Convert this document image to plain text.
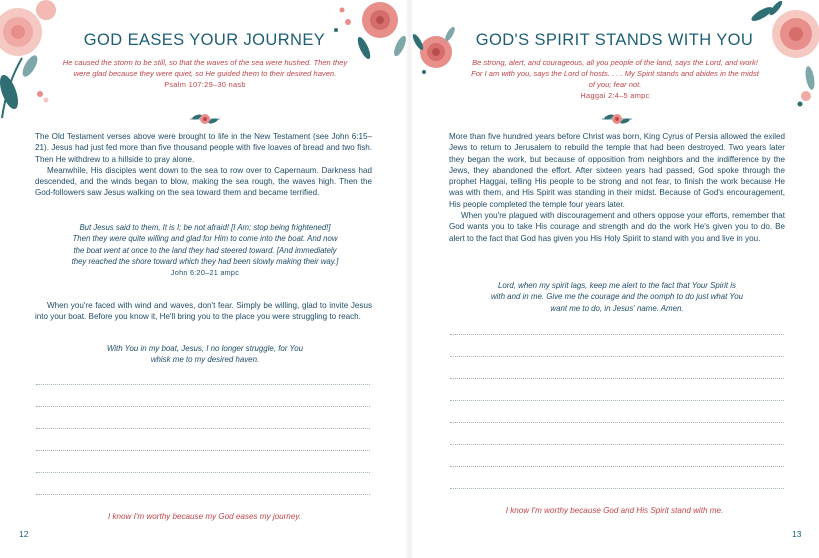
GOD EASES YOUR JOURNEY
He caused the storm to be still, so that the waves of the sea were hushed. Then they were glad because they were quiet, so He guided them to their desired haven.
Psalm 107:29–30 nasb

The Old Testament verses above were brought to life in the New Testament (see John 6:15–21). Jesus had just fed more than five thousand people with five loaves of bread and two fish. Then He withdrew to a hillside to pray alone.

Meanwhile, His disciples went down to the sea to row over to Capernaum. Darkness had descended, and the winds began to blow, making the sea rough, the waves high. Then the God-followers saw Jesus walking on the sea toward them and became terrified.

But Jesus said to them, It is I; be not afraid! [I Am; stop being frightened!] Then they were quite willing and glad for Him to come into the boat. And now the boat went at once to the land they had steered toward. [And immediately they reached the shore toward which they had been slowly making their way.]
John 6:20–21 ampc

When you're faced with wind and waves, don't fear. Simply be willing, glad to invite Jesus into your boat. Before you know it, He'll bring you to the place you were struggling to reach.

With You in my boat, Jesus, I no longer struggle, for You whisk me to my desired haven.
I know I'm worthy because my God eases my journey.
12
GOD'S SPIRIT STANDS WITH YOU
Be strong, alert, and courageous, all you people of the land, says the Lord, and work! For I am with you, says the Lord of hosts. . . . My Spirit stands and abides in the midst of you; fear not.
Haggai 2:4–5 ampc

More than five hundred years before Christ was born, King Cyrus of Persia allowed the exiled Jews to return to Jerusalem to rebuild the temple that had been destroyed. Two years later they began the work, but because of opposition from neighbors and the indifference by the Jews, they abandoned the effort. After sixteen years had passed, God spoke through the prophet Haggai, telling His people to be strong and not fear, to finish the work because He was with them, and His Spirit was standing in their midst. Because of God's encouragement, His people completed the temple four years later.

When you're plagued with discouragement and others oppose your efforts, remember that God wants you to take His courage and strength and do the work He's given you to do. Be alert to the fact that God has given you His Holy Spirit to stand with you and live in you.

Lord, when my spirit lags, keep me alert to the fact that Your Spirit is with and in me. Give me the courage and the oomph to do just what You want me to do, in Jesus' name. Amen.
I know I'm worthy because God and His Spirit stand with me.
13
